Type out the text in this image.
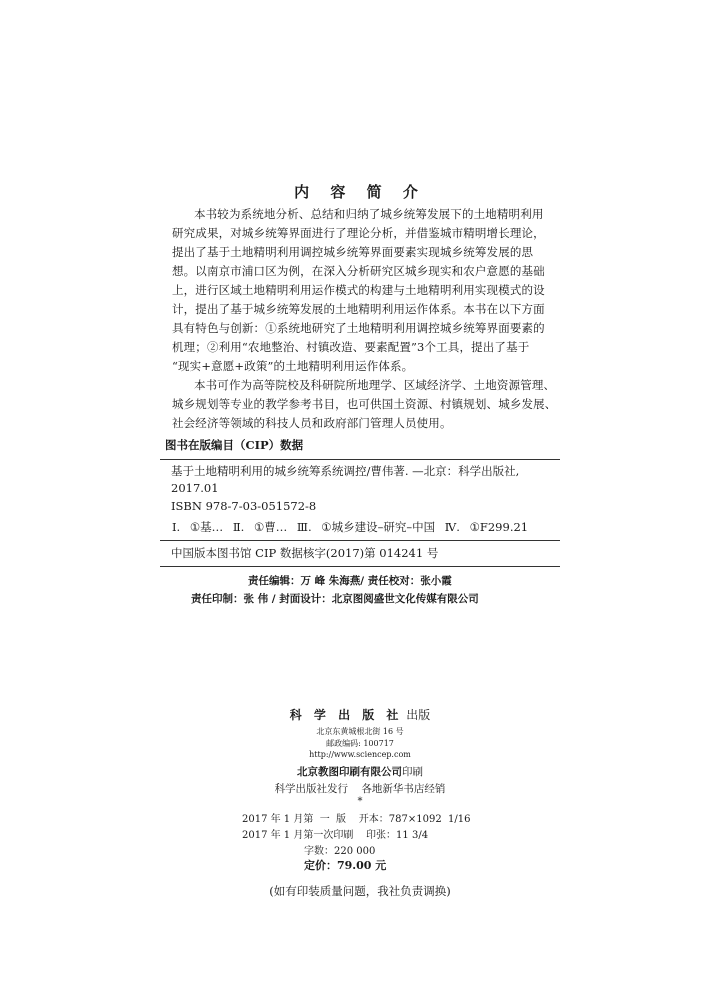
内 容 简 介
本书较为系统地分析、总结和归纳了城乡统筹发展下的土地精明利用
研究成果，对城乡统筹界面进行了理论分析，并借鉴城市精明增长理论，
提出了基于土地精明利用调控城乡统筹界面要素实现城乡统筹发展的思
想。以南京市浦口区为例，在深入分析研究区城乡现实和农户意愿的基础
上，进行区域土地精明利用运作模式的构建与土地精明利用实现模式的设
计，提出了基于城乡统筹发展的土地精明利用运作体系。本书在以下方面
具有特色与创新：①系统地研究了土地精明利用调控城乡统筹界面要素的
机理；②利用“农地整治、村镇改造、要素配置”3个工具，提出了基于
“现实+意愿+政策”的土地精明利用运作体系。
本书可作为高等院校及科研院所地理学、区域经济学、土地资源管理、
城乡规划等专业的教学参考书目，也可供国土资源、村镇规划、城乡发展、
社会经济等领域的科技人员和政府部门管理人员使用。
图书在版编目（CIP）数据
基于土地精明利用的城乡统筹系统调控/曹伟著. —北京：科学出版社,
2017.01
ISBN 978-7-03-051572-8
Ⅰ. ①基… Ⅱ. ①曹… Ⅲ. ①城乡建设–研究–中国 Ⅳ. ①F299.21
中国版本图书馆 CIP 数据核字(2017)第 014241 号
责任编辑：万 峰 朱海燕/ 责任校对：张小霞
责任印制：张 伟 / 封面设计：北京图阅盛世文化传媒有限公司
科 学 出 版 社 出版
北京东黄城根北街 16 号
邮政编码: 100717
http://www.sciencep.com
北京教图印刷有限公司印刷
科学出版社发行    各地新华书店经销
*
2017 年 1 月第  一  版    开本：787×1092  1/16
2017 年 1 月第一次印刷    印张：11 3/4
字数：220 000
定价：79.00 元
(如有印装质量问题，我社负责调换)
